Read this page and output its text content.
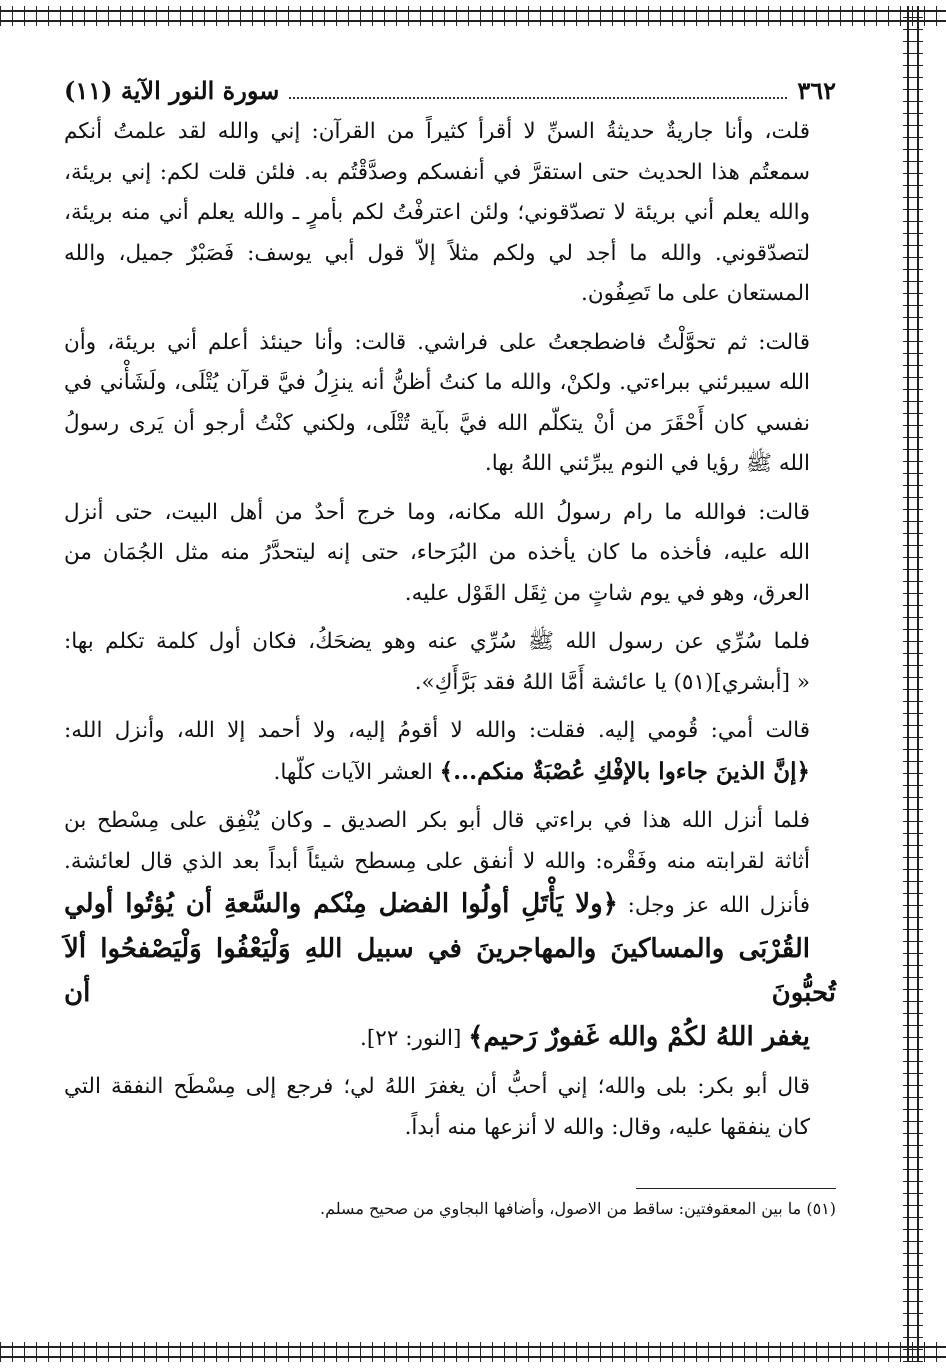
٣٦٢
سورة النور الآية (١١)
قلت، وأنا جاريةٌ حديثةُ السنِّ لا أقرأ كثيراً من القرآن: إني والله لقد علمتُ أنكم
سمعتُم هذا الحديث حتى استقرَّ في أنفسكم وصدَّقْتُم به. فلئن قلت لكم: إني بريئة،
والله يعلم أني بريئة لا تصدّقوني؛ ولئن اعترفْتُ لكم بأمرٍ ـ والله يعلم أني منه بريئة،
لتصدّقوني. والله ما أجد لي ولكم مثلاً إلاّ قول أبي يوسف: فَصَبْرٌ جميل، والله
المستعان على ما تَصِفُون.
قالت: ثم تحوَّلْتُ فاضطجعتُ على فراشي. قالت: وأنا حينئذ أعلم أني بريئة، وأن
الله سيبرئني ببراءتي. ولكنْ، والله ما كنتُ أظنُّ أنه ينزِلُ فيَّ قرآن يُتْلَى، ولَشَأْني في
نفسي كان أَحْقَرَ من أنْ يتكلّم الله فيَّ بآية تُتْلَى، ولكني كنْتُ أرجو أن يَرى رسولُ
الله ﷺ رؤيا في النوم يبرِّئني اللهُ بها.
قالت: فوالله ما رام رسولُ الله مكانه، وما خرج أحدٌ من أهل البيت، حتى أنزل
الله عليه، فأخذه ما كان يأخذه من البُرَحاء، حتى إنه ليتحدَّرُ منه مثل الجُمَان من
العرق، وهو في يوم شاتٍ من ثِقَل القَوْل عليه.
فلما سُرِّي عن رسول الله ﷺ سُرِّي عنه وهو يضحَكُ، فكان أول كلمة تكلم بها:
« [أبشري](٥١) يا عائشة أَمَّا اللهُ فقد بَرَّأَكِ».
قالت أمي: قُومي إليه. فقلت: والله لا أقومُ إليه، ولا أحمد إلا الله، وأنزل الله:
﴿إنَّ الذينَ جاءوا بالإفْكِ عُصْبَةٌ منكم...﴾ العشر الآيات كلّها.
فلما أنزل الله هذا في براءتي قال أبو بكر الصديق ـ وكان يُنْفِق على مِسْطح بن
أثاثة لقرابته منه وفَقْره: والله لا أنفق على مِسطح شيئاً أبداً بعد الذي قال لعائشة.
فأنزل الله عز وجل: ﴿ولا يَأْتَلِ أولُوا الفضل مِنْكم والسَّعةِ أن يُؤتُوا أولي
القُرْبَى والمساكينَ والمهاجرينَ في سبيل اللهِ وَلْيَعْفُوا وَلْيَصْفحُوا ألاَ تُحبُّونَ أن
يغفر اللهُ لكُمْ والله غَفورٌ رَحيم﴾ [النور: ٢٢].
قال أبو بكر: بلى والله؛ إني أحبُّ أن يغفرَ اللهُ لي؛ فرجع إلى مِسْطَح النفقة التي
كان ينفقها عليه، وقال: والله لا أنزعها منه أبداً.
(٥١) ما بين المعقوفتين: ساقط من الاصول، وأضافها البجاوي من صحيح مسلم.
